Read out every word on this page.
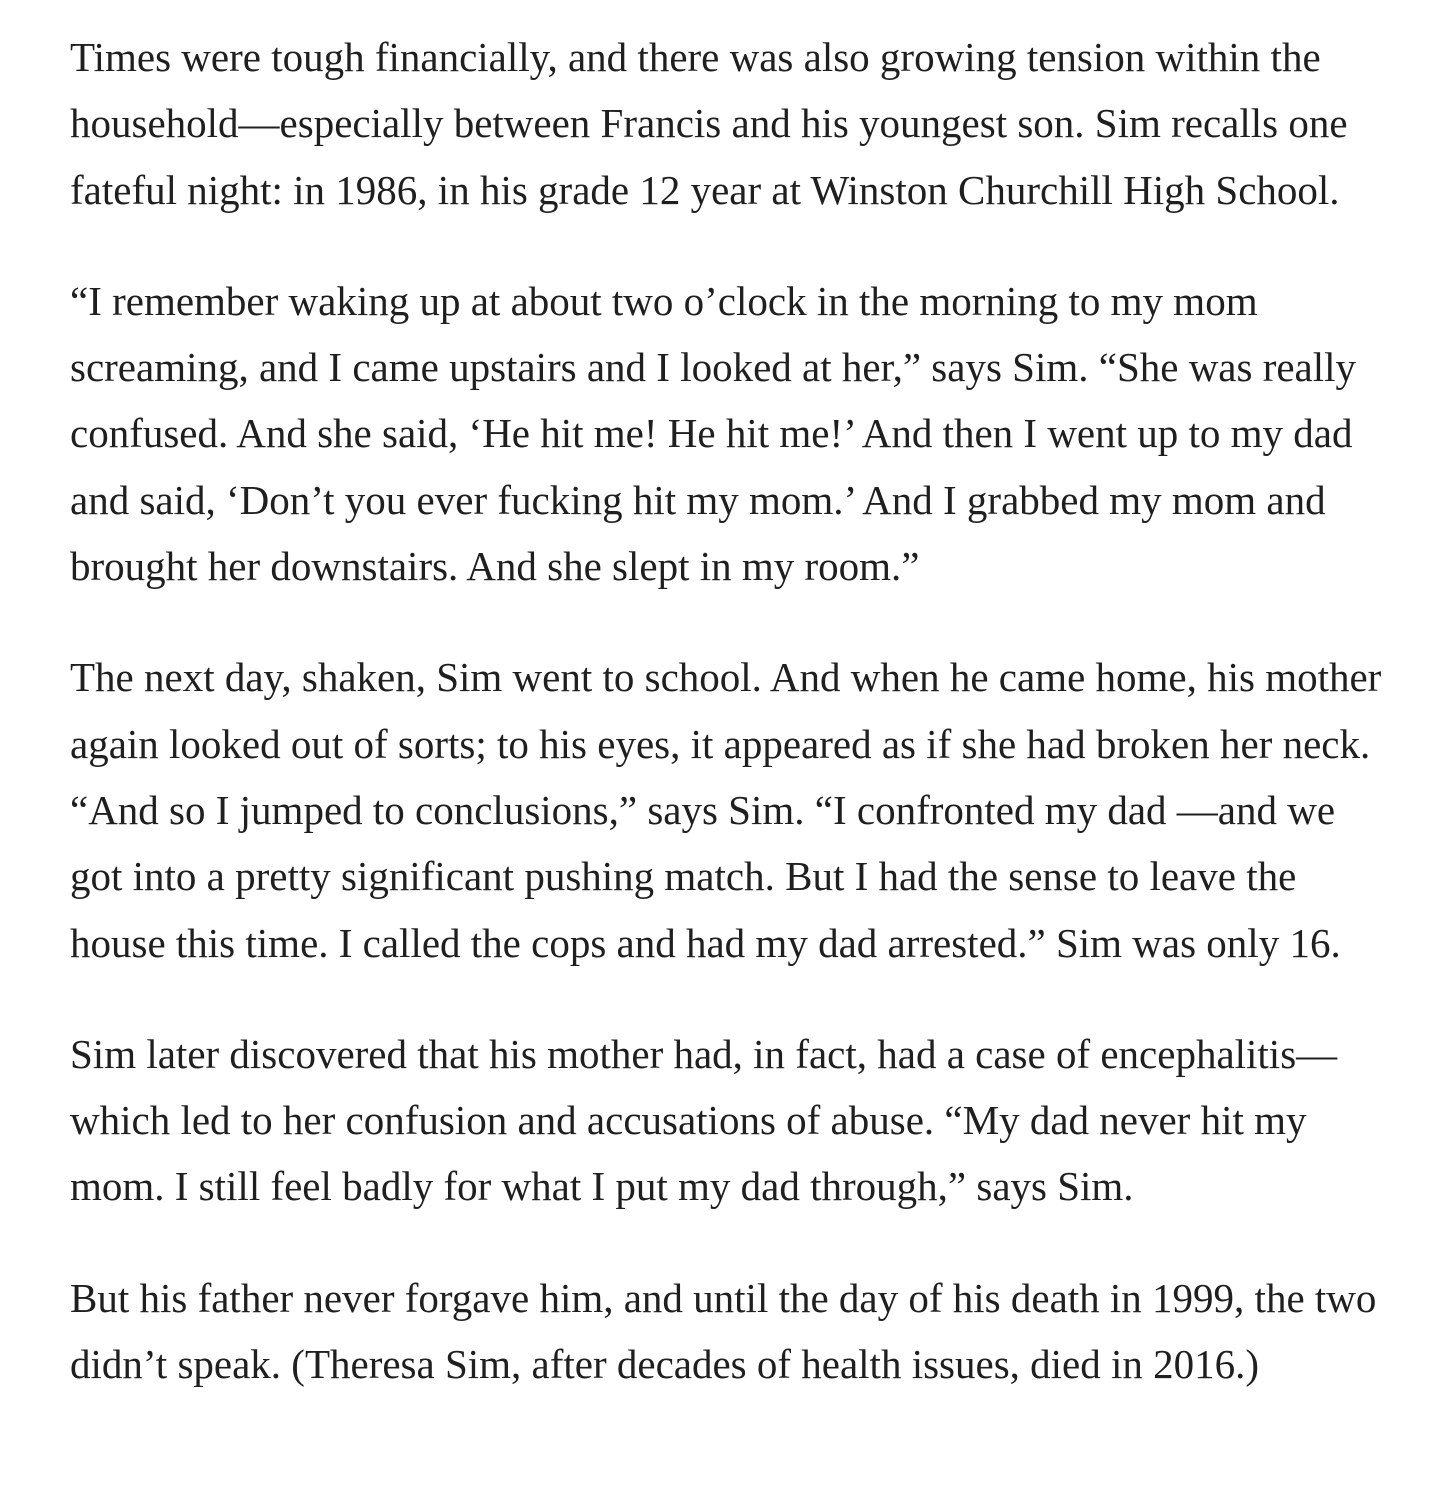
Times were tough financially, and there was also growing tension within the household—especially between Francis and his youngest son. Sim recalls one fateful night: in 1986, in his grade 12 year at Winston Churchill High School.

“I remember waking up at about two o’clock in the morning to my mom screaming, and I came upstairs and I looked at her,” says Sim. “She was really confused. And she said, ‘He hit me! He hit me!’ And then I went up to my dad and said, ‘Don’t you ever fucking hit my mom.’ And I grabbed my mom and brought her downstairs. And she slept in my room.”

The next day, shaken, Sim went to school. And when he came home, his mother again looked out of sorts; to his eyes, it appeared as if she had broken her neck. “And so I jumped to conclusions,” says Sim. “I confronted my dad —and we got into a pretty significant pushing match. But I had the sense to leave the house this time. I called the cops and had my dad arrested.” Sim was only 16.

Sim later discovered that his mother had, in fact, had a case of encephalitis—which led to her confusion and accusations of abuse. “My dad never hit my mom. I still feel badly for what I put my dad through,” says Sim.

But his father never forgave him, and until the day of his death in 1999, the two didn’t speak. (Theresa Sim, after decades of health issues, died in 2016.)
